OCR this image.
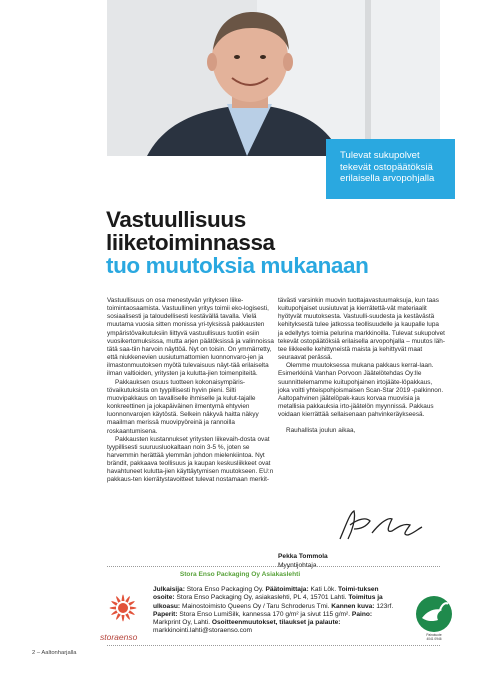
Tulevat sukupolvet
tekevät ostopäätöksiä
erilaisella arvopohjalla
Vastuullisuus
liiketoiminnassa
tuo muutoksia mukanaan

Vastuullisuus on osa menestyvän yrityksen liike-toimintaosaamista. Vastuullinen yritys toimii eko-logisesti, sosiaalisesti ja taloudellisesti kestävällä tavalla. Vielä muutama vuosia sitten monissa yri-tyksissä pakkausten ympäristövaikutuksiin liittyvä vastuullisuus tuotiin esiin vuosikertomuksissa, mutta arjen päätöksissä ja valinnoissa tätä saa-tiin harvoin näyttöä. Nyt on toisin. On ymmärretty, että niukkenevien uusiutumattomien luonnonvaro-jen ja ilmastonmuutoksen myötä tulevaisuus näyt-tää erilaiselta ilman valtioiden, yritysten ja kulutta-jien toimenpiteitä.

Pakkauksen osuus tuotteen kokonaisympäris-tövaikutuksista on tyypillisesti hyvin pieni. Silti muovipakkaus on tavalliselle ihmiselle ja kulut-tajalle konkreettinen ja jokapäiväinen ilmentymä ehtyvien luonnonvarojen käytöstä. Selkein näkyvä haitta näkyy maailman merissä muovipyöreinä ja rannoilla roskaantumisena.

Pakkausten kustannukset yritysten liikevaih-dosta ovat tyypillisesti suuruusluokaltaan noin 3-5 %, joten se harvemmin herättää ylemmän johdon mielenkiintoa. Nyt brändit, pakkaava teollisuus ja kaupan keskusliikkeet ovat havahtuneet kulutta-jien käyttäytymisen muutokseen. EU:n pakkaus-ten kierrätystavoitteet tulevat nostamaan merkit-

tävästi varsinkin muovin tuottajavastuumaksuja, kun taas kuitupohjaiset uusiutuvat ja kierrätettä-vät materiaalit hyötyvät muutoksesta. Vastuulli-suudesta ja kestävästä kehityksestä tulee jatkossa teollisuudelle ja kaupalle lupa ja edellytys toimia pelurina markkinoilla. Tulevat sukupolvet tekevät ostopäätöksiä erilaisella arvopohjalla – muutos läh-tee liikkeelle kehittyneistä maista ja kehittyvät maat seuraavat perässä.

Olemme muutoksessa mukana pakkaus kerral-laan. Esimerkkinä Vanhan Porvoon Jäätelötehdas Oy:lle suunnittelemamme kuitupohjainen irtojääte-löpakkaus, joka voitti yhteispohjoismaisen Scan-Star 2019 -palkinnon. Aaltopahvinen jäätelöpak-kaus korvaa muovisia ja metallisia pakkauksia irto-jäätelön myynnissä. Pakkaus voidaan kierrättää sellaisenaan pahvinkeräykseesä.

Rauhallista joulun aikaa,

Pekka Tommola
Myyntijohtaja
Stora Enso Packaging Oy Asiakaslehti
storaenso
Julkaisija: Stora Enso Packaging Oy. Päätoimittaja: Kati Lök. Toimi-tuksen osoite: Stora Enso Packaging Oy, asiakaslehti, PL 4, 15701 Lahti. Toimitus ja ulkoasu: Mainostoimisto Queens Oy / Taru Schroderus Tmi. Kannen kuva: 123rf. Paperit: Stora Enso LumiSilk, kannessa 170 g/m² ja sivut 115 g/m². Paino: Markprint Oy, Lahti. Osoitteenmuutokset, tilaukset ja palaute: markkinointi.lahti@storaenso.com
Painotuote
4041 0946
2 – Aaltonharjalla
